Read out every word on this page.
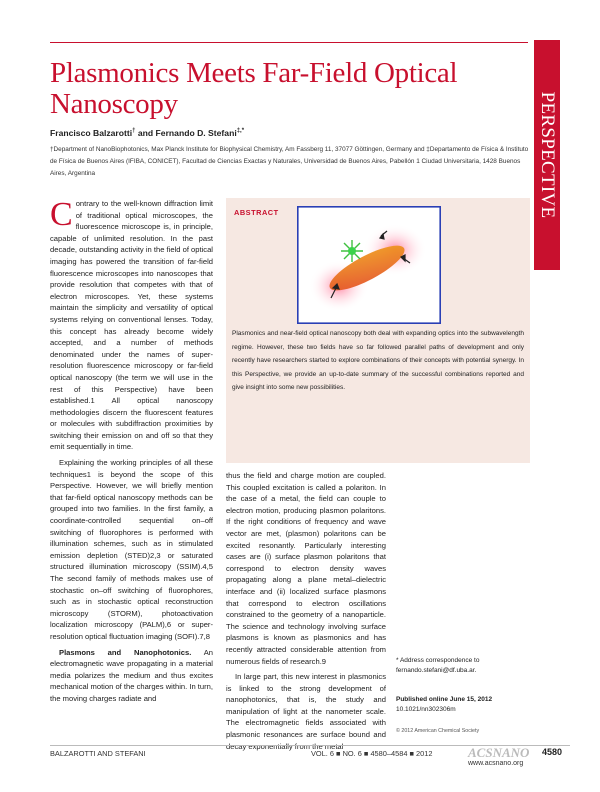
PERSPECTIVE
Plasmonics Meets Far-Field Optical Nanoscopy
Francisco Balzarotti† and Fernando D. Stefani‡,*
†Department of NanoBiophotonics, Max Planck Institute for Biophysical Chemistry, Am Fassberg 11, 37077 Göttingen, Germany and ‡Departamento de Física & Instituto de Física de Buenos Aires (IFIBA, CONICET), Facultad de Ciencias Exactas y Naturales, Universidad de Buenos Aires, Pabellón 1 Ciudad Universitaria, 1428 Buenos Aires, Argentina

Contrary to the well-known diffraction limit of traditional optical microscopes, the fluorescence microscope is, in principle, capable of unlimited resolution. In the past decade, outstanding activity in the field of optical imaging has powered the transition of far-field fluorescence microscopes into nanoscopes that provide resolution that competes with that of electron microscopes. Yet, these systems maintain the simplicity and versatility of optical systems relying on conventional lenses. Today, this concept has already become widely accepted, and a number of methods denominated under the names of super-resolution fluorescence microscopy or far-field optical nanoscopy (the term we will use in the rest of this Perspective) have been established.1 All optical nanoscopy methodologies discern the fluorescent features or molecules with subdiffraction proximities by switching their emission on and off so that they emit sequentially in time.

Explaining the working principles of all these techniques1 is beyond the scope of this Perspective. However, we will briefly mention that far-field optical nanoscopy methods can be grouped into two families. In the first family, a coordinate-controlled sequential on–off switching of fluorophores is performed with illumination schemes, such as in stimulated emission depletion (STED)2,3 or saturated structured illumination microscopy (SSIM).4,5 The second family of methods makes use of stochastic on–off switching of fluorophores, such as in stochastic optical reconstruction microscopy (STORM), photoactivation localization microscopy (PALM),6 or super-resolution optical fluctuation imaging (SOFI).7,8

Plasmons and Nanophotonics. An electromagnetic wave propagating in a material media polarizes the medium and thus excites mechanical motion of the charges within. In turn, the moving charges radiate and

ABSTRACT
Plasmonics and near-field optical nanoscopy both deal with expanding optics into the subwavelength regime. However, these two fields have so far followed parallel paths of development and only recently have researchers started to explore combinations of their concepts with potential synergy. In this Perspective, we provide an up-to-date summary of the successful combinations reported and give insight into some new possibilities.

thus the field and charge motion are coupled. This coupled excitation is called a polariton. In the case of a metal, the field can couple to electron motion, producing plasmon polaritons. If the right conditions of frequency and wave vector are met, (plasmon) polaritons can be excited resonantly. Particularly interesting cases are (i) surface plasmon polaritons that correspond to electron density waves propagating along a plane metal–dielectric interface and (ii) localized surface plasmons that correspond to electron oscillations constrained to the geometry of a nanoparticle. The science and technology involving surface plasmons is known as plasmonics and has recently attracted considerable attention from numerous fields of research.9

In large part, this new interest in plasmonics is linked to the strong development of nanophotonics, that is, the study and manipulation of light at the nanometer scale. The electromagnetic fields associated with plasmonic resonances are surface bound and decay exponentially from the metal

* Address correspondence to fernando.stefani@df.uba.ar.
Published online June 15, 2012
10.1021/nn302306m
© 2012 American Chemical Society
BALZAROTTI AND STEFANI	VOL. 6 ■ NO. 6 ■ 4580–4584 ■ 2012	ACSNANO 4580
www.acsnano.org
